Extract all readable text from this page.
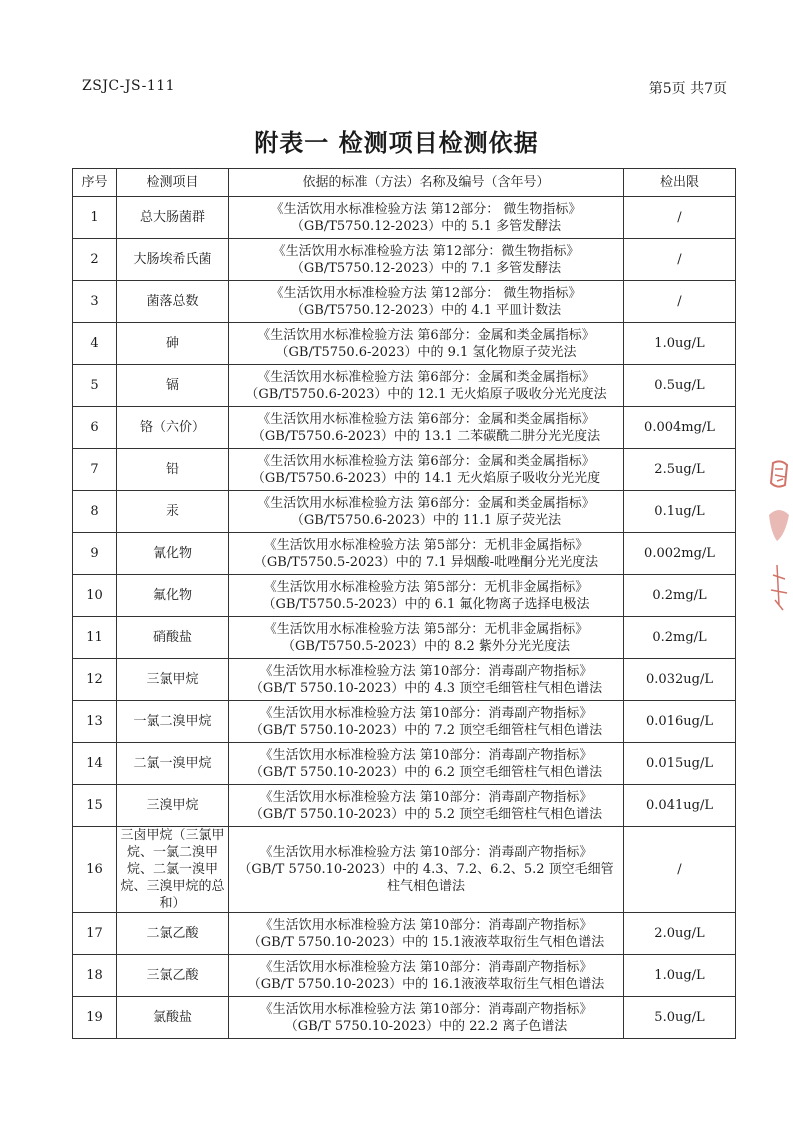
ZSJC-JS-111	第5页 共7页
附表一 检测项目检测依据
序号	检测项目	依据的标准（方法）名称及编号（含年号）	检出限
1	总大肠菌群	《生活饮用水标准检验方法 第12部分： 微生物指标》
（GB/T5750.12-2023）中的 5.1 多管发酵法	/
2	大肠埃希氏菌	《生活饮用水标准检验方法 第12部分：微生物指标》
（GB/T5750.12-2023）中的 7.1 多管发酵法	/
3	菌落总数	《生活饮用水标准检验方法 第12部分： 微生物指标》
（GB/T5750.12-2023）中的 4.1 平皿计数法	/
4	砷	《生活饮用水标准检验方法 第6部分：金属和类金属指标》
（GB/T5750.6-2023）中的 9.1 氢化物原子荧光法	1.0ug/L
5	镉	《生活饮用水标准检验方法 第6部分：金属和类金属指标》
（GB/T5750.6-2023）中的 12.1 无火焰原子吸收分光光度法	0.5ug/L
6	铬（六价）	《生活饮用水标准检验方法 第6部分：金属和类金属指标》
（GB/T5750.6-2023）中的 13.1 二苯碳酰二肼分光光度法	0.004mg/L
7	铅	《生活饮用水标准检验方法 第6部分：金属和类金属指标》
（GB/T5750.6-2023）中的 14.1 无火焰原子吸收分光光度	2.5ug/L
8	汞	《生活饮用水标准检验方法 第6部分：金属和类金属指标》
（GB/T5750.6-2023）中的 11.1 原子荧光法	0.1ug/L
9	氰化物	《生活饮用水标准检验方法 第5部分：无机非金属指标》
（GB/T5750.5-2023）中的 7.1 异烟酸-吡唑酮分光光度法	0.002mg/L
10	氟化物	《生活饮用水标准检验方法 第5部分：无机非金属指标》
（GB/T5750.5-2023）中的 6.1 氟化物离子选择电极法	0.2mg/L
11	硝酸盐	《生活饮用水标准检验方法 第5部分：无机非金属指标》
（GB/T5750.5-2023）中的 8.2 紫外分光光度法	0.2mg/L
12	三氯甲烷	《生活饮用水标准检验方法 第10部分：消毒副产物指标》
（GB/T 5750.10-2023）中的 4.3 顶空毛细管柱气相色谱法	0.032ug/L
13	一氯二溴甲烷	《生活饮用水标准检验方法 第10部分：消毒副产物指标》
（GB/T 5750.10-2023）中的 7.2 顶空毛细管柱气相色谱法	0.016ug/L
14	二氯一溴甲烷	《生活饮用水标准检验方法 第10部分：消毒副产物指标》
（GB/T 5750.10-2023）中的 6.2 顶空毛细管柱气相色谱法	0.015ug/L
15	三溴甲烷	《生活饮用水标准检验方法 第10部分：消毒副产物指标》
（GB/T 5750.10-2023）中的 5.2 顶空毛细管柱气相色谱法	0.041ug/L
16	三卤甲烷（三氯甲烷、一氯二溴甲烷、二氯一溴甲烷、三溴甲烷的总和）	《生活饮用水标准检验方法 第10部分：消毒副产物指标》
（GB/T 5750.10-2023）中的 4.3、7.2、6.2、5.2 顶空毛细管柱气相色谱法	/
17	二氯乙酸	《生活饮用水标准检验方法 第10部分：消毒副产物指标》
（GB/T 5750.10-2023）中的 15.1液液萃取衍生气相色谱法	2.0ug/L
18	三氯乙酸	《生活饮用水标准检验方法 第10部分：消毒副产物指标》
（GB/T 5750.10-2023）中的 16.1液液萃取衍生气相色谱法	1.0ug/L
19	氯酸盐	《生活饮用水标准检验方法 第10部分：消毒副产物指标》
（GB/T 5750.10-2023）中的 22.2 离子色谱法	5.0ug/L
